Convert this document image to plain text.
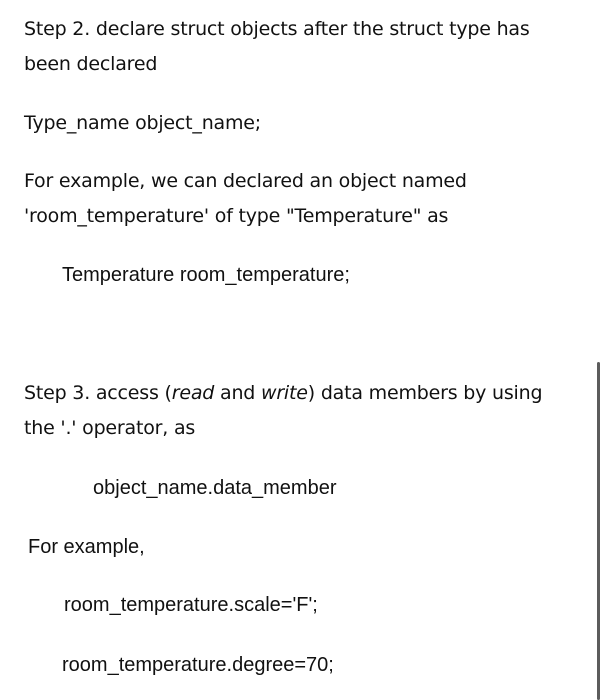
Step 2. declare struct objects after the struct type has

been declared

Type_name object_name;

For example, we can declared an object named

'room_temperature' of type "Temperature" as

Temperature room_temperature;

Step 3. access (read and write) data members by using

the '.' operator, as

object_name.data_member

For example,

room_temperature.scale='F';

room_temperature.degree=70;
